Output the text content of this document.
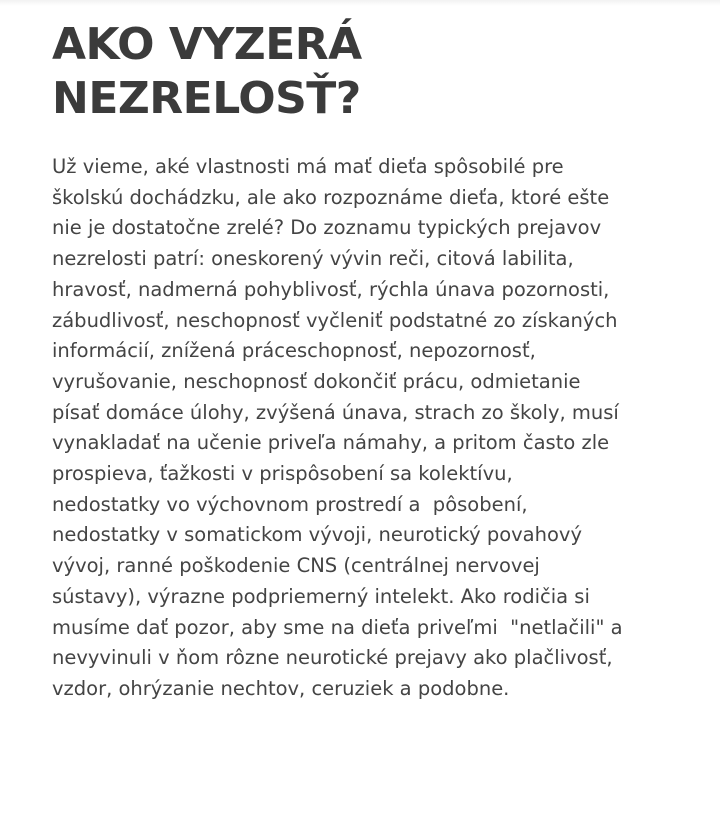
AKO VYZERÁ
NEZRELOSŤ?

Už vieme, aké vlastnosti má mať dieťa spôsobilé pre
školskú dochádzku, ale ako rozpoznáme dieťa, ktoré ešte
nie je dostatočne zrelé? Do zoznamu typických prejavov
nezrelosti patrí: oneskorený vývin reči, citová labilita,
hravosť, nadmerná pohyblivosť, rýchla únava pozornosti,
zábudlivosť, neschopnosť vyčleniť podstatné zo získaných
informácií, znížená práceschopnosť, nepozornosť,
vyrušovanie, neschopnosť dokončiť prácu, odmietanie
písať domáce úlohy, zvýšená únava, strach zo školy, musí
vynakladať na učenie priveľa námahy, a pritom často zle
prospieva, ťažkosti v prispôsobení sa kolektívu,
nedostatky vo výchovnom prostredí a  pôsobení,
nedostatky v somatickom vývoji, neurotický povahový
vývoj, ranné poškodenie CNS (centrálnej nervovej
sústavy), výrazne podpriemerný intelekt. Ako rodičia si
musíme dať pozor, aby sme na dieťa priveľmi  "netlačili" a
nevyvinuli v ňom rôzne neurotické prejavy ako plačlivosť,
vzdor, ohrýzanie nechtov, ceruziek a podobne.
